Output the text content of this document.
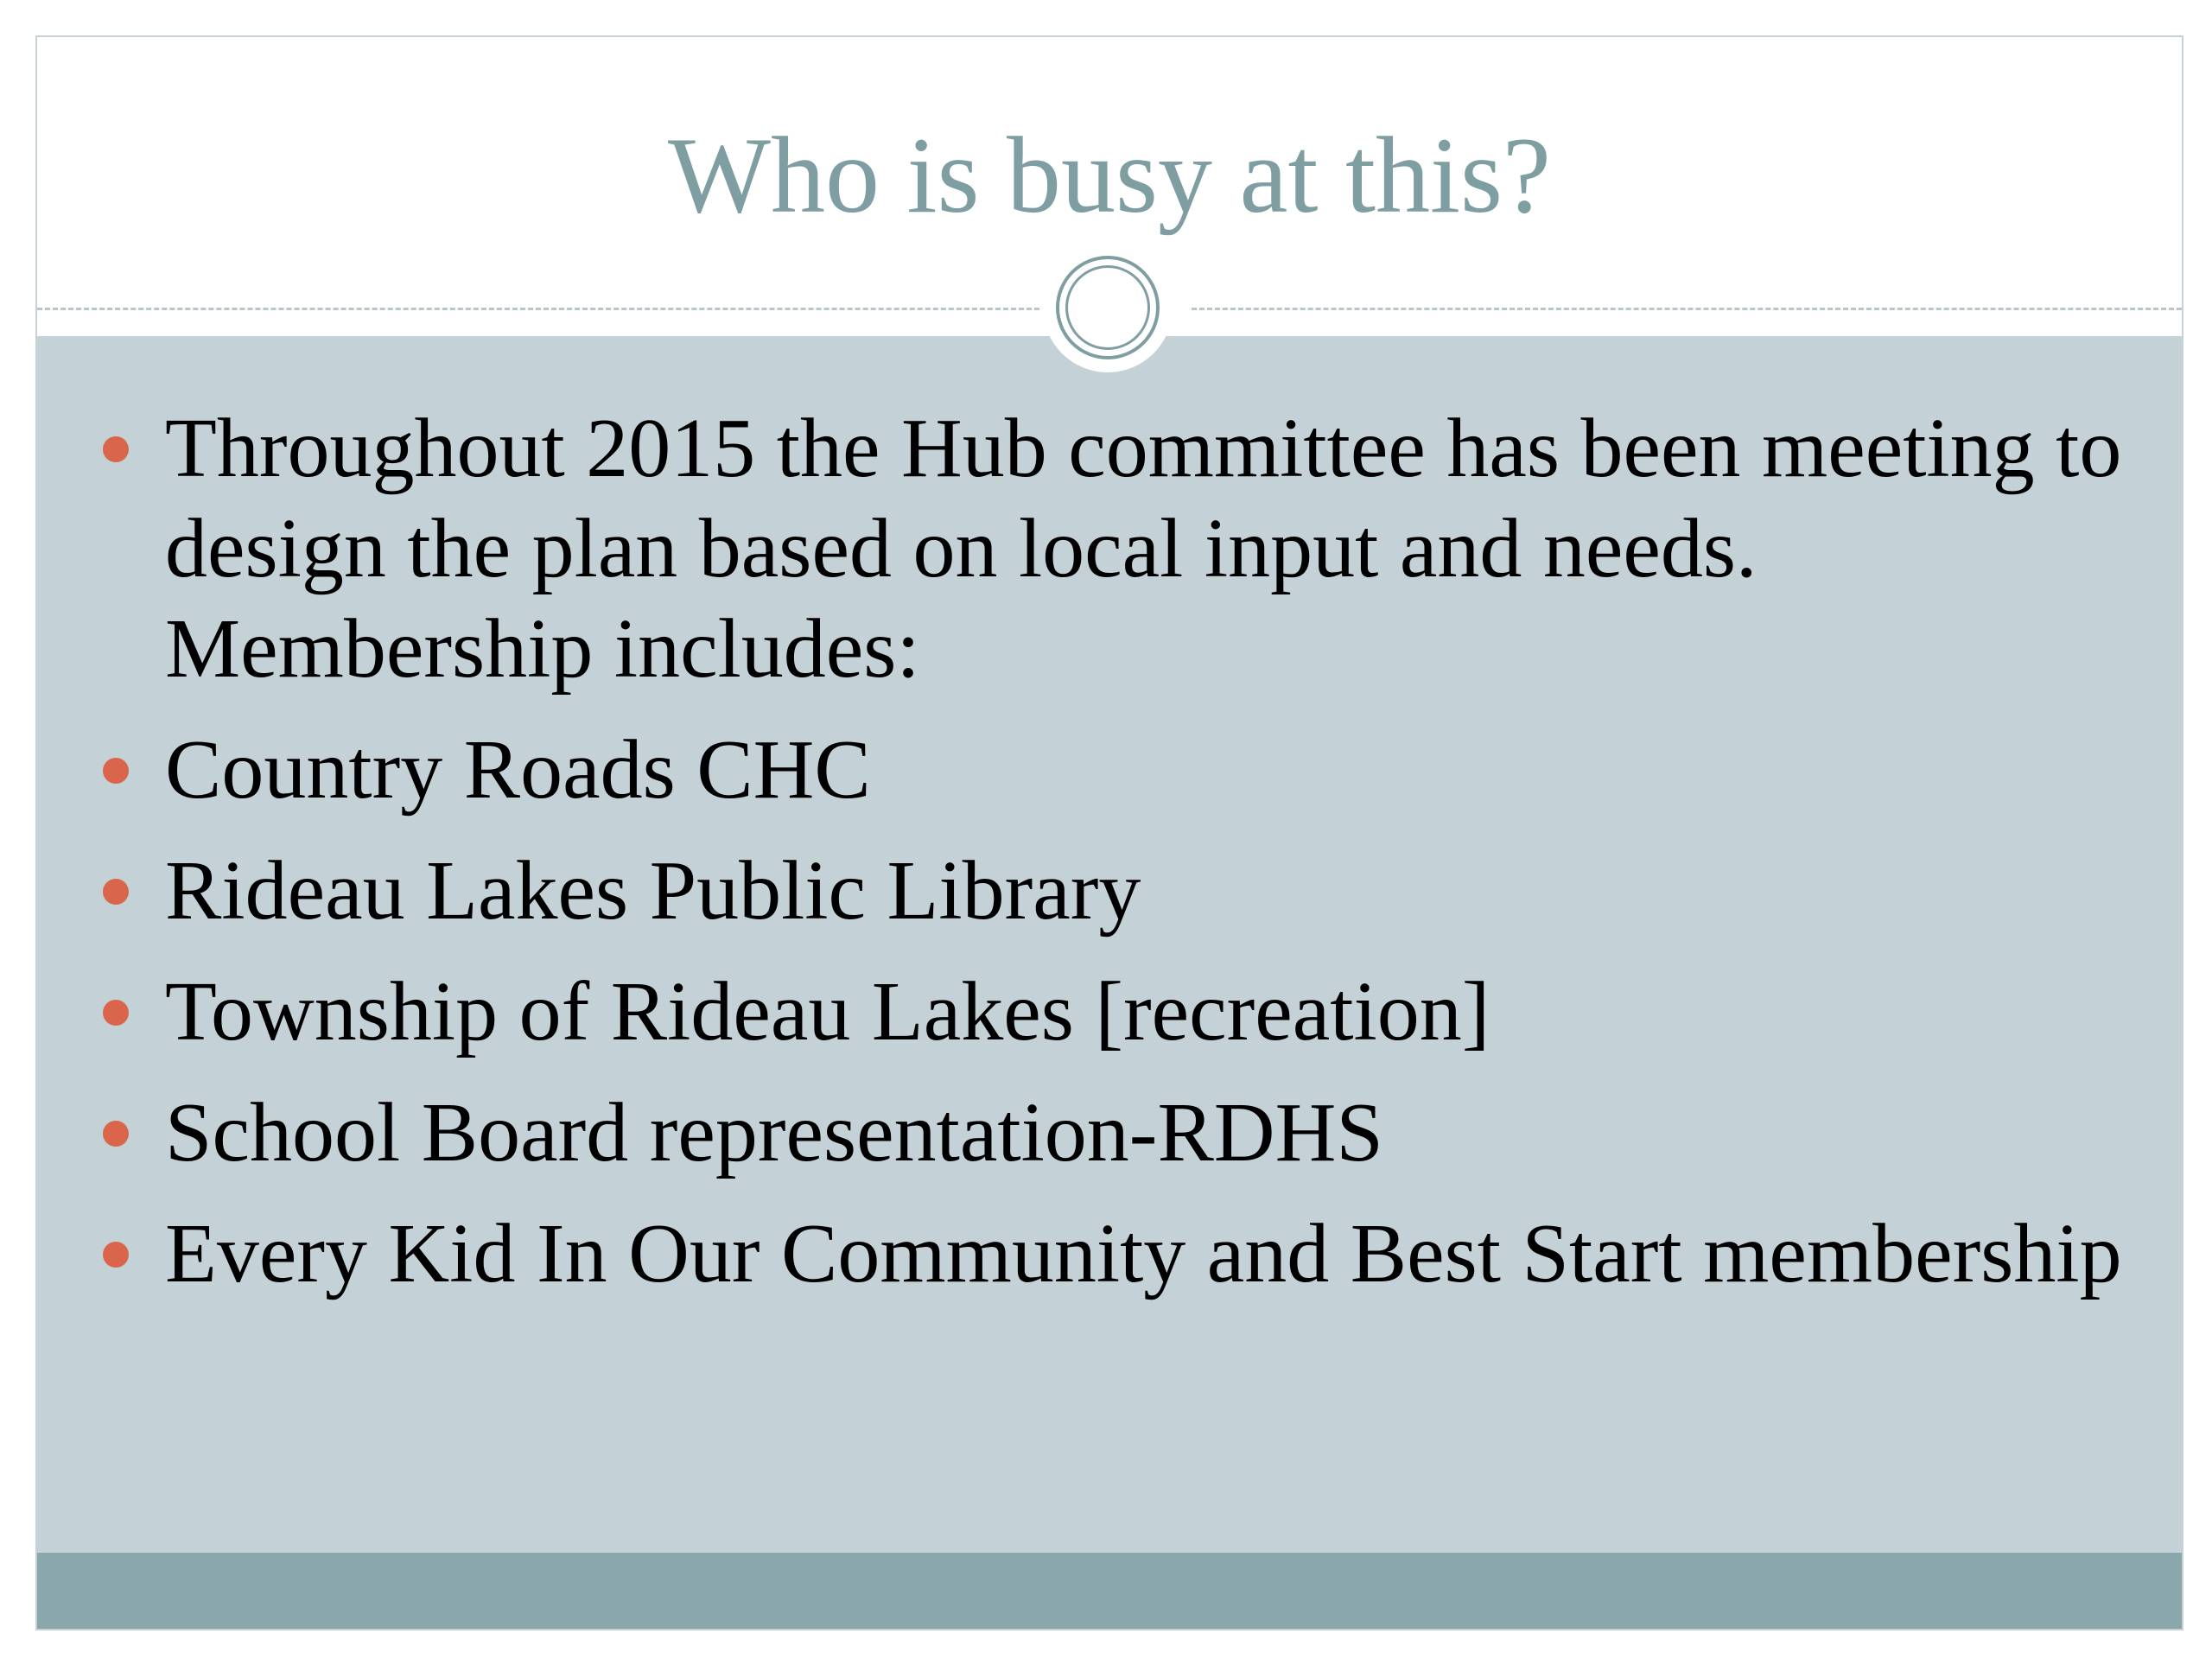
Who is busy at this?
Throughout 2015 the Hub committee has been meeting to design the plan based on local input and needs. Membership includes:
Country Roads CHC
Rideau Lakes Public Library
Township of Rideau Lakes [recreation]
School Board representation-RDHS
Every Kid In Our Community and Best Start membership
